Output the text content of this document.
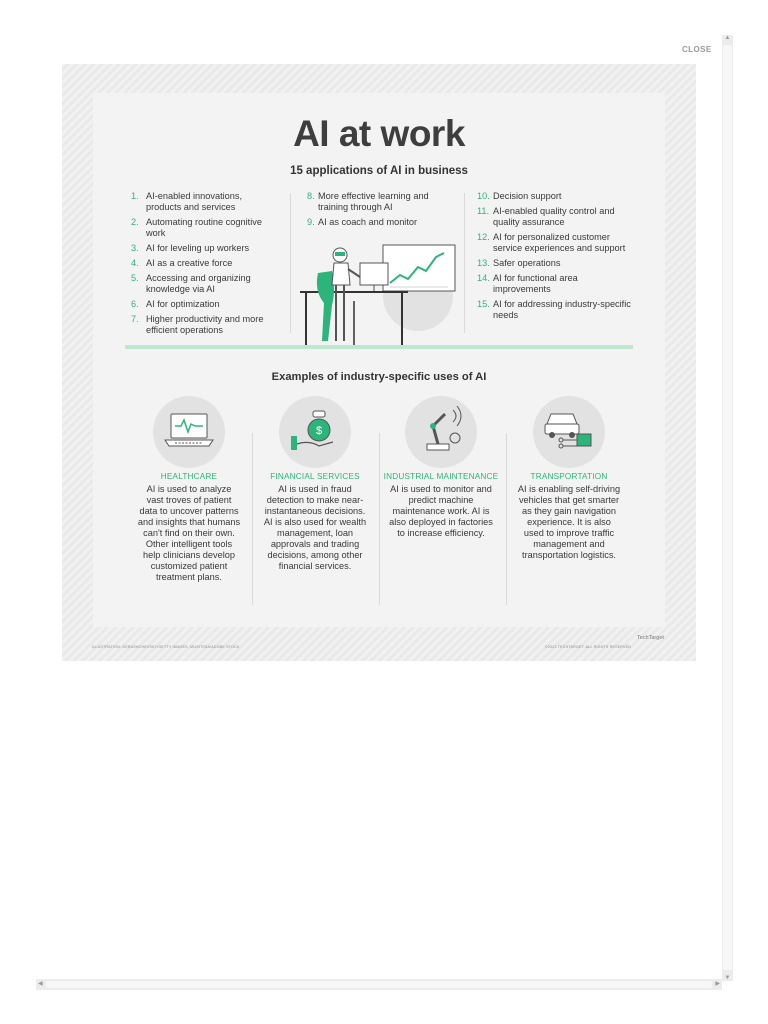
CLOSE
▲
▼
◀	▶
AI at work
15 applications of AI in business
1. AI-enabled innovations, products and services
2. Automating routine cognitive work
3. AI for leveling up workers
4. AI as a creative force
5. Accessing and organizing knowledge via AI
6. AI for optimization
7. Higher productivity and more efficient operations
8. More effective learning and training through AI
9. AI as coach and monitor
10. Decision support
11. AI-enabled quality control and quality assurance
12. AI for personalized customer service experiences and support
13. Safer operations
14. AI for functional area improvements
15. AI for addressing industry-specific needs
Examples of industry-specific uses of AI
HEALTHCARE
AI is used to analyze vast troves of patient data to uncover patterns and insights that humans can't find on their own. Other intelligent tools help clinicians develop customized patient treatment plans.
$
FINANCIAL SERVICES
AI is used in fraud detection to make near-instantaneous decisions. AI is also used for wealth management, loan approvals and trading decisions, among other financial services.
INDUSTRIAL MAINTENANCE
AI is used to monitor and predict machine maintenance work. AI is also deployed in factories to increase efficiency.
TRANSPORTATION
AI is enabling self-driving vehicles that get smarter as they gain navigation experience. It is also used to improve traffic management and transportation logistics.
ILLUSTRATION: GERASHCHEVSKY/GETTY IMAGES, MUSTISSA/ADOBE STOCK	©2023 TECHTARGET. ALL RIGHTS RESERVED
TechTarget
